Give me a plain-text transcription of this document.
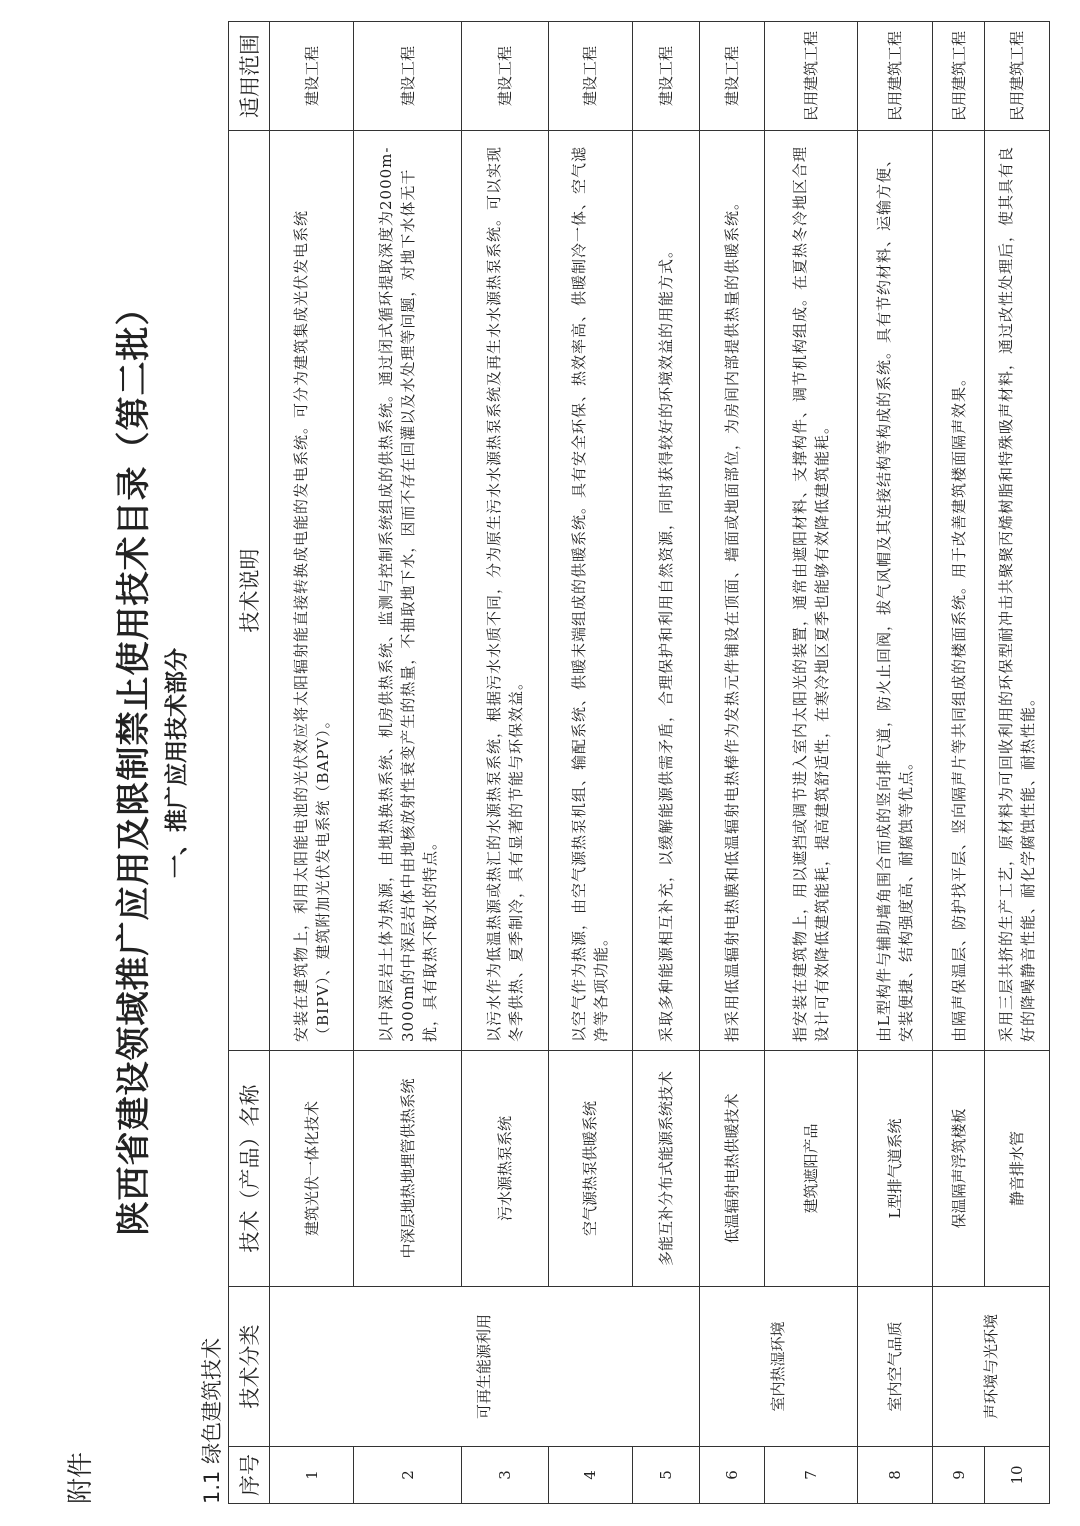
附件
陕西省建设领域推广应用及限制禁止使用技术目录（第二批） 一、推广应用技术部分
1.1 绿色建筑技术 序号	技术分类	技术（产品）名称	技术说明	适用范围
1	可再生能源利用	建筑光伏一体化技术	安装在建筑物上，利用太阳能电池的光伏效应将太阳辐射能直接转换成电能的发电系统。可分为建筑集成光伏发电系统（BIPV）、建筑附加光伏发电系统（BAPV）。	建设工程
2		中深层地热地埋管供热系统	以中深层岩土体为热源，由地热换热系统、机房供热系统、监测与控制系统组成的供热系统。通过闭式循环提取深度为2000m-3000m的中深层岩体中由地核放射性衰变产生的热量，不抽取地下水，因而不存在回灌以及水处理等问题，对地下水体无干扰，具有取热不取水的特点。	建设工程
3		污水源热泵系统	以污水作为低温热源或热汇的水源热泵系统，根据污水水质不同，分为原生污水水源热泵系统及再生水水源热泵系统。可以实现冬季供热、夏季制冷，具有显著的节能与环保效益。	建设工程
4		空气源热泵供暖系统	以空气作为热源，由空气源热泵机组、输配系统、供暖末端组成的供暖系统。具有安全环保、热效率高、供暖制冷一体、空气滤净等各项功能。	建设工程
5		多能互补分布式能源系统技术	采取多种能源相互补充，以缓解能源供需矛盾，合理保护和利用自然资源，同时获得较好的环境效益的用能方式。	建设工程
6	室内热湿环境	低温辐射电热供暖技术	指采用低温辐射电热膜和低温辐射电热棒作为发热元件铺设在顶面、墙面或地面部位，为房间内部提供热量的供暖系统。	建设工程
7		建筑遮阳产品	指安装在建筑物上，用以遮挡或调节进入室内太阳光的装置，通常由遮阳材料、支撑构件、调节机构组成。在夏热冬冷地区合理设计可有效降低建筑能耗，提高建筑舒适性，在寒冷地区夏季也能够有效降低建筑能耗。	民用建筑工程
8	室内空气品质	L型排气道系统	由L型构件与辅助墙角围合而成的竖向排气道，防火止回阀，拔气风帽及其连接结构等构成的系统。具有节约材料、运输方便、安装便捷、结构强度高、耐腐蚀等优点。	民用建筑工程
9	声环境与光环境	保温隔声浮筑楼板	由隔声保温层、防护找平层、竖向隔声片等共同组成的楼面系统。用于改善建筑楼面隔声效果。	民用建筑工程
10		静音排水管	采用三层共挤的生产工艺，原材料为可回收利用的环保型耐冲击共聚聚丙烯树脂和特殊吸声材料，通过改性处理后，使其具有良好的降噪静音性能、耐化学腐蚀性能、耐热性能。	民用建筑工程
